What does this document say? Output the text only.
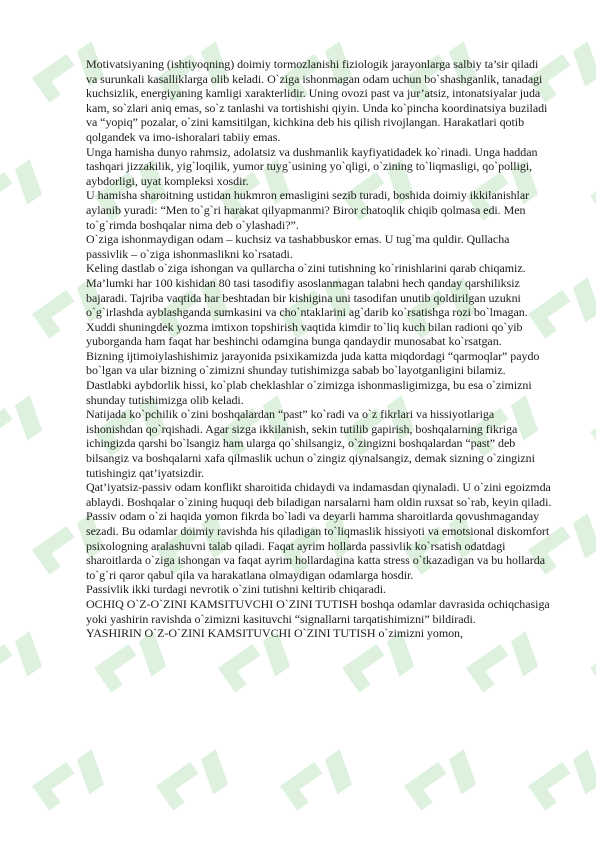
Motivatsiyaning (ishtiyoqning) doimiy tormozlanishi fiziologik jarayonlarga salbiy ta’sir qiladi va surunkali kasalliklarga olib keladi. O`ziga ishonmagan odam uchun bo`shashganlik, tanadagi kuchsizlik, energiyaning kamligi xarakterlidir. Uning ovozi past va jur’atsiz, intonatsiyalar juda kam, so`zlari aniq emas, so`z tanlashi va tortishishi qiyin. Unda ko`pincha koordinatsiya buziladi va “yopiq” pozalar, o`zini kamsitilgan, kichkina deb his qilish rivojlangan. Harakatlari qotib qolgandek va imo-ishoralari tabiiy emas.

Unga hamisha dunyo rahmsiz, adolatsiz va dushmanlik kayfiyatidadek ko`rinadi. Unga haddan tashqari jizzakilik, yig`loqilik, yumor tuyg`usining yo`qligi, o`zining to`liqmasligi, qo`polligi, aybdorligi, uyat kompleksi xosdir.

U hamisha sharoitning ustidan hukmron emasligini sezib turadi, boshida doimiy ikkilanishlar aylanib yuradi: “Men to`g`ri harakat qilyapmanmi? Biror chatoqlik chiqib qolmasa edi. Men to`g`rimda boshqalar nima deb o`ylashadi?”.

O`ziga ishonmaydigan odam – kuchsiz va tashabbuskor emas. U tug`ma quldir. Qullacha passivlik – o`ziga ishonmaslikni ko`rsatadi.

Keling dastlab o`ziga ishongan va qullarcha o`zini tutishning ko`rinishlarini qarab chiqamiz. Ma’lumki har 100 kishidan 80 tasi tasodifiy asoslanmagan talabni hech qanday qarshiliksiz bajaradi. Tajriba vaqtida har beshtadan bir kishigina uni tasodifan unutib qoldirilgan uzukni o`g`irlashda ayblashganda sumkasini va cho`ntaklarini ag`darib ko`rsatishga rozi bo`lmagan. Xuddi shuningdek yozma imtixon topshirish vaqtida kimdir to`liq kuch bilan radioni qo`yib yuborganda ham faqat har beshinchi odamgina bunga qandaydir munosabat ko`rsatgan.

Bizning ijtimoiylashishimiz jarayonida psixikamizda juda katta miqdordagi “qarmoqlar” paydo bo`lgan va ular bizning o`zimizni shunday tutishimizga sabab bo`layotganligini bilamiz. Dastlabki aybdorlik hissi, ko`plab cheklashlar o`zimizga ishonmasligimizga, bu esa o`zimizni shunday tutishimizga olib keladi.

Natijada ko`pchilik o`zini boshqalardan “past” ko`radi va o`z fikrlari va hissiyotlariga ishonishdan qo`rqishadi. Agar sizga ikkilanish, sekin tutilib gapirish, boshqalarning fikriga ichingizda qarshi bo`lsangiz ham ularga qo`shilsangiz, o`zingizni boshqalardan “past” deb bilsangiz va boshqalarni xafa qilmaslik uchun o`zingiz qiynalsangiz, demak sizning o`zingizni tutishingiz qat’iyatsizdir.

Qat’iyatsiz-passiv odam konflikt sharoitida chidaydi va indamasdan qiynaladi. U o`zini egoizmda ablaydi. Boshqalar o`zining huquqi deb biladigan narsalarni ham oldin ruxsat so`rab, keyin qiladi.

Passiv odam o`zi haqida yomon fikrda bo`ladi va deyarli hamma sharoitlarda qovushmaganday sezadi. Bu odamlar doimiy ravishda his qiladigan to`liqmaslik hissiyoti va emotsional diskomfort psixologning aralashuvni talab qiladi. Faqat ayrim hollarda passivlik ko`rsatish odatdagi sharoitlarda o`ziga ishongan va faqat ayrim hollardagina katta stress o`tkazadigan va bu hollarda to`g`ri qaror qabul qila va harakatlana olmaydigan odamlarga hosdir.

Passivlik ikki turdagi nevrotik o`zini tutishni keltirib chiqaradi.

OCHIQ O`Z-O`ZINI KAMSITUVCHI O`ZINI TUTISH boshqa odamlar davrasida ochiqchasiga yoki yashirin ravishda o`zimizni kasituvchi “signallarni tarqatishimizni” bildiradi.

YASHIRIN O`Z-O`ZINI KAMSITUVCHI O`ZINI TUTISH o`zimizni yomon,
